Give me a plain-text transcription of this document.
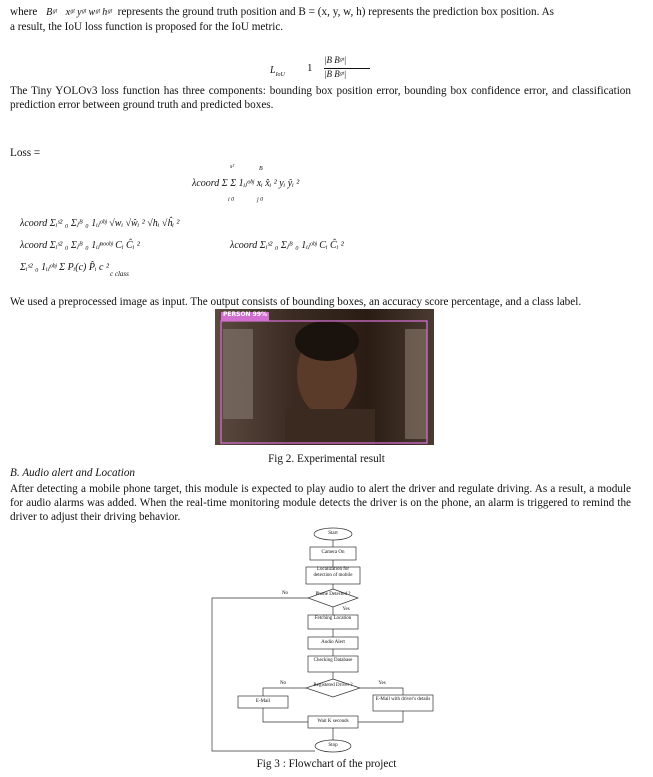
where Bᵍᵗ xᵍᵗ yᵍᵗ wᵍᵗ hᵍᵗ represents the ground truth position and B = (x, y, w, h) represents the prediction box position. As
a result, the IoU loss function is proposed for the IoU metric.
$L_{IoU}$
1
|B Bᵍᵗ|
|B Bᵍᵗ|
The Tiny YOLOv3 loss function has three components: bounding box position error, bounding box confidence error, and classification prediction error between ground truth and predicted boxes.
Loss =
λcoord Σ Σ 1ᵢⱼᵒᵇʲ xᵢ x̂ᵢ ² yᵢ ŷᵢ ²
s²	B
i 0	j 0
λcoord Σᵢˢ² ₀ Σⱼᴮ ₀ 1ᵢⱼᵒᵇʲ √wᵢ √ŵᵢ ² √hᵢ √ĥᵢ ²
λcoord Σᵢˢ² ₀ Σⱼᴮ ₀ 1ᵢⱼⁿᵒᵒᵇʲ Cᵢ Ĉᵢ ²	λcoord Σᵢˢ² ₀ Σⱼᴮ ₀ 1ᵢⱼᵒᵇʲ Cᵢ Ĉᵢ ²
Σᵢˢ² ₀ 1ᵢⱼᵒᵇʲ Σ Pᵢ(c) P̂ᵢ c ²
c class
We used a preprocessed image as input. The output consists of bounding boxes, an accuracy score percentage, and a class label.
PERSON 99%
Fig 2. Experimental result
B. Audio alert and Location
After detecting a mobile phone target, this module is expected to play audio to alert the driver and regulate driving. As a result, a module for audio alarms was added. When the real-time monitoring module detects the driver is on the phone, an alarm is triggered to remind the driver to adjust their driving behavior.
Start
Camera On
Localization for detection of mobile
Phone Detected ?
No
Yes
Fetching Location
Audio Alert
Checking Database
Registered Driver ?
No	Yes
E-Mail	E-Mail with driver's details
Wait K seconds
Stop
Fig 3 : Flowchart of the project
